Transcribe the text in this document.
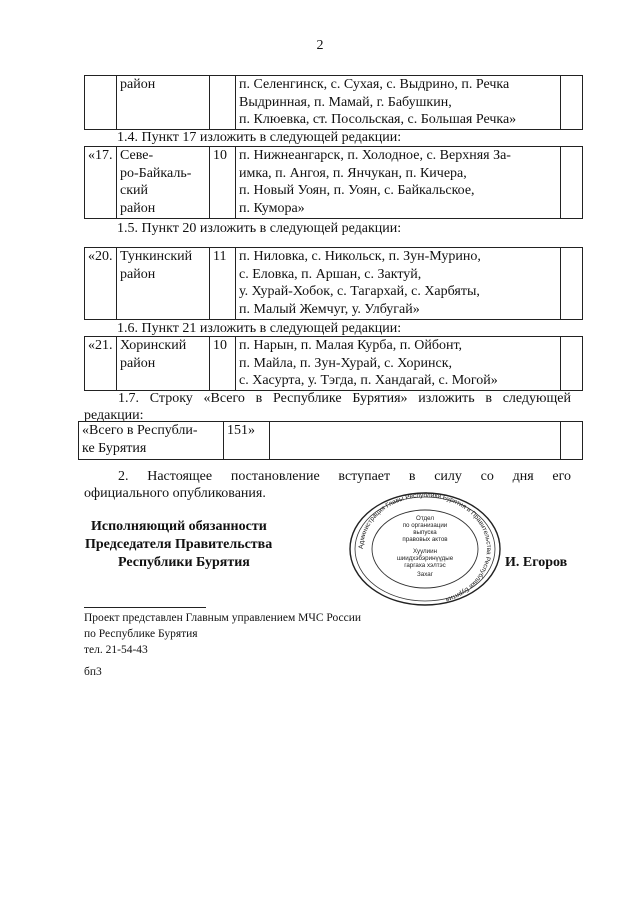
2
	район		п. Селенгинск, с. Сухая, с. Выдрино, п. Речка
Выдринная, п. Мамай, г. Бабушкин,
п. Клюевка, ст. Посольская, с. Большая Речка»

1.4. Пункт 17 изложить в следующей редакции:
«17.	Севе-
ро-Байкаль-
ский
район
	10	п. Нижнеангарск, п. Холодное, с. Верхняя За-
имка, п. Ангоя, п. Янчукан, п. Кичера,
п. Новый Уоян, п. Уоян, с. Байкальское,
п. Кумора»

1.5. Пункт 20 изложить в следующей редакции:
«20.	Тункинский
район
	11	п. Ниловка, с. Никольск, п. Зун-Мурино,
с. Еловка, п. Аршан, с. Зактуй,
у. Хурай-Хобок, с. Тагархай, с. Харбяты,
п. Малый Жемчуг, у. Улбугай»

1.6. Пункт 21 изложить в следующей редакции:
«21.	Хоринский
район
	10	п. Нарын, п. Малая Курба, п. Ойбонт,
п. Майла, п. Зун-Хурай, с. Хоринск,
с. Хасурта, у. Тэгда, п. Хандагай, с. Могой»

1.7. Строку «Всего в Республике Бурятия» изложить в следующей
редакции:
«Всего в Республи-
ке Бурятия
	151»		
2. Настоящее постановление вступает в силу со дня его
официального опубликования.
Исполняющий обязанности
Председателя Правительства
Республики Бурятия
Администрация Главы Республики Бурятия и Правительства Республики Бурятия
Отдел
по организации
выпуска
правовых актов
Хуулиин
шиидхэбэринүүдые
гаргаха хэлтэс
Захаг
И. Егоров
Проект представлен Главным управлением МЧС России
по Республике Бурятия
тел. 21-54-43
бп3
